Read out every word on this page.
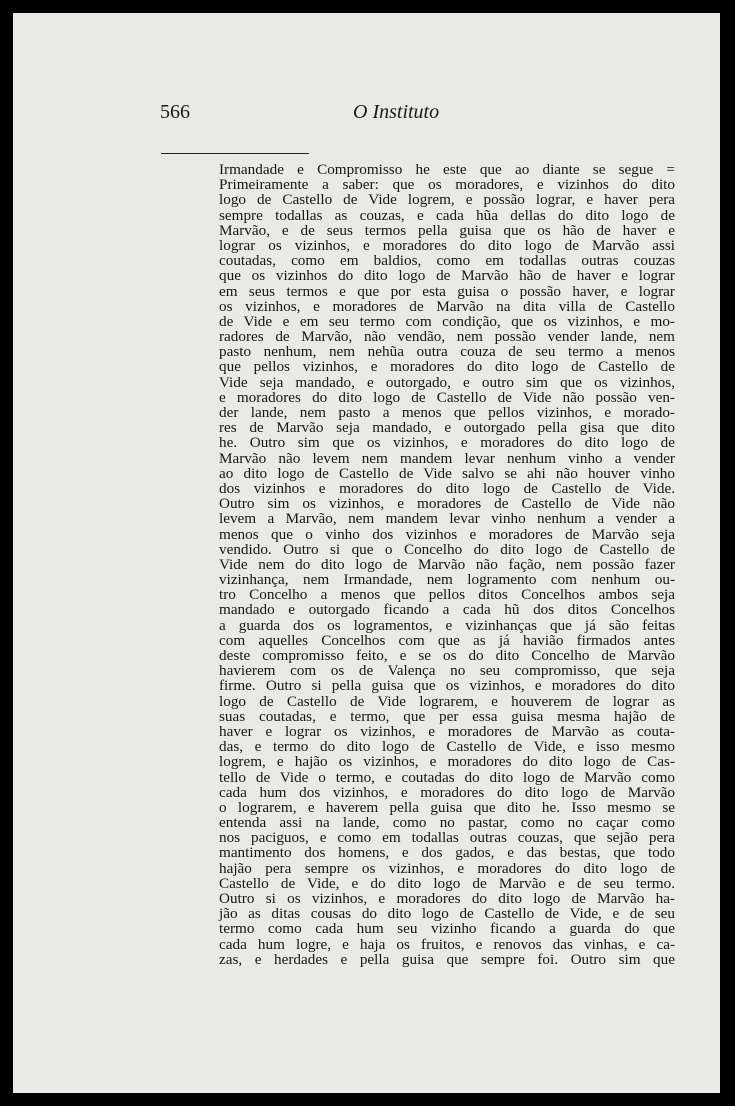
566	O Instituto
Irmandade e Compromisso he este que ao diante se segue =
Primeiramente a saber: que os moradores, e vizinhos do dito
logo de Castello de Vide logrem, e possão lograr, e haver pera
sempre todallas as couzas, e cada hũa dellas do dito logo de
Marvão, e de seus termos pella guisa que os hão de haver e
lograr os vizinhos, e moradores do dito logo de Marvão assi
coutadas, como em baldios, como em todallas outras couzas
que os vizinhos do dito logo de Marvão hão de haver e lograr
em seus termos e que por esta guisa o possão haver, e lograr
os vizinhos, e moradores de Marvão na dita villa de Castello
de Vide e em seu termo com condição, que os vizinhos, e mo-
radores de Marvão, não vendão, nem possão vender lande, nem
pasto nenhum, nem nehũa outra couza de seu termo a menos
que pellos vizinhos, e moradores do dito logo de Castello de
Vide seja mandado, e outorgado, e outro sim que os vizinhos,
e moradores do dito logo de Castello de Vide não possão ven-
der lande, nem pasto a menos que pellos vizinhos, e morado-
res de Marvão seja mandado, e outorgado pella gisa que dito
he. Outro sim que os vizinhos, e moradores do dito logo de
Marvão não levem nem mandem levar nenhum vinho a vender
ao dito logo de Castello de Vide salvo se ahi não houver vinho
dos vizinhos e moradores do dito logo de Castello de Vide.
Outro sim os vizinhos, e moradores de Castello de Vide não
levem a Marvão, nem mandem levar vinho nenhum a vender a
menos que o vinho dos vizinhos e moradores de Marvão seja
vendido. Outro si que o Concelho do dito logo de Castello de
Vide nem do dito logo de Marvão não fação, nem possão fazer
vizinhança, nem Irmandade, nem logramento com nenhum ou-
tro Concelho a menos que pellos ditos Concelhos ambos seja
mandado e outorgado ficando a cada hũ dos ditos Concelhos
a guarda dos os logramentos, e vizinhanças que já são feitas
com aquelles Concelhos com que as já havião firmados antes
deste compromisso feito, e se os do dito Concelho de Marvão
havierem com os de Valença no seu compromisso, que seja
firme. Outro si pella guisa que os vizinhos, e moradores do dito
logo de Castello de Vide lograrem, e houverem de lograr as
suas coutadas, e termo, que per essa guisa mesma hajão de
haver e lograr os vizinhos, e moradores de Marvão as couta-
das, e termo do dito logo de Castello de Vide, e isso mesmo
logrem, e hajão os vizinhos, e moradores do dito logo de Cas-
tello de Vide o termo, e coutadas do dito logo de Marvão como
cada hum dos vizinhos, e moradores do dito logo de Marvão
o lograrem, e haverem pella guisa que dito he. Isso mesmo se
entenda assi na lande, como no pastar, como no caçar como
nos paciguos, e como em todallas outras couzas, que sejão pera
mantimento dos homens, e dos gados, e das bestas, que todo
hajão pera sempre os vizinhos, e moradores do dito logo de
Castello de Vide, e do dito logo de Marvão e de seu termo.
Outro si os vizinhos, e moradores do dito logo de Marvão ha-
jão as ditas cousas do dito logo de Castello de Vide, e de seu
termo como cada hum seu vizinho ficando a guarda do que
cada hum logre, e haja os fruitos, e renovos das vinhas, e ca-
zas, e herdades e pella guisa que sempre foi. Outro sim que
